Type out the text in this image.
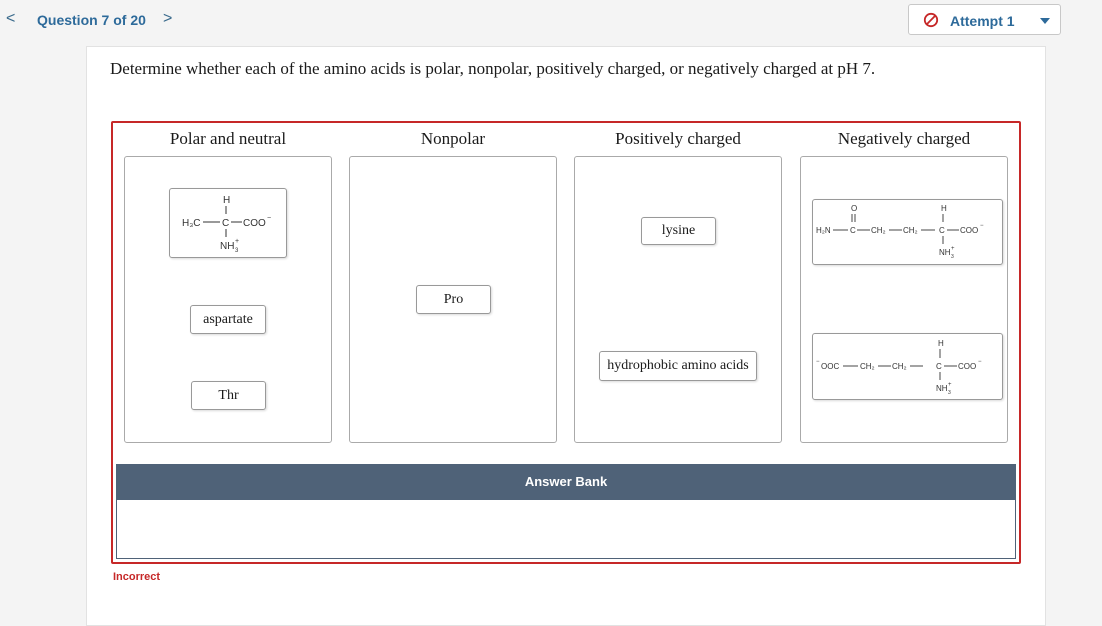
< Question 7 of 20 >	Attempt 1
Determine whether each of the amino acids is polar, nonpolar, positively charged, or negatively charged at pH 7.
Polar and neutral	Nonpolar	Positively charged	Negatively charged
H
H₃C C COO −
NH 3
+
aspartate
Thr
Pro
lysine
hydrophobic amino acids
O
H₂N C CH₂ CH₂
H
C COO −
NH 3
+
− OOC	CH₂ CH₂
H
C COO −
NH 3
+
Answer Bank
Incorrect
